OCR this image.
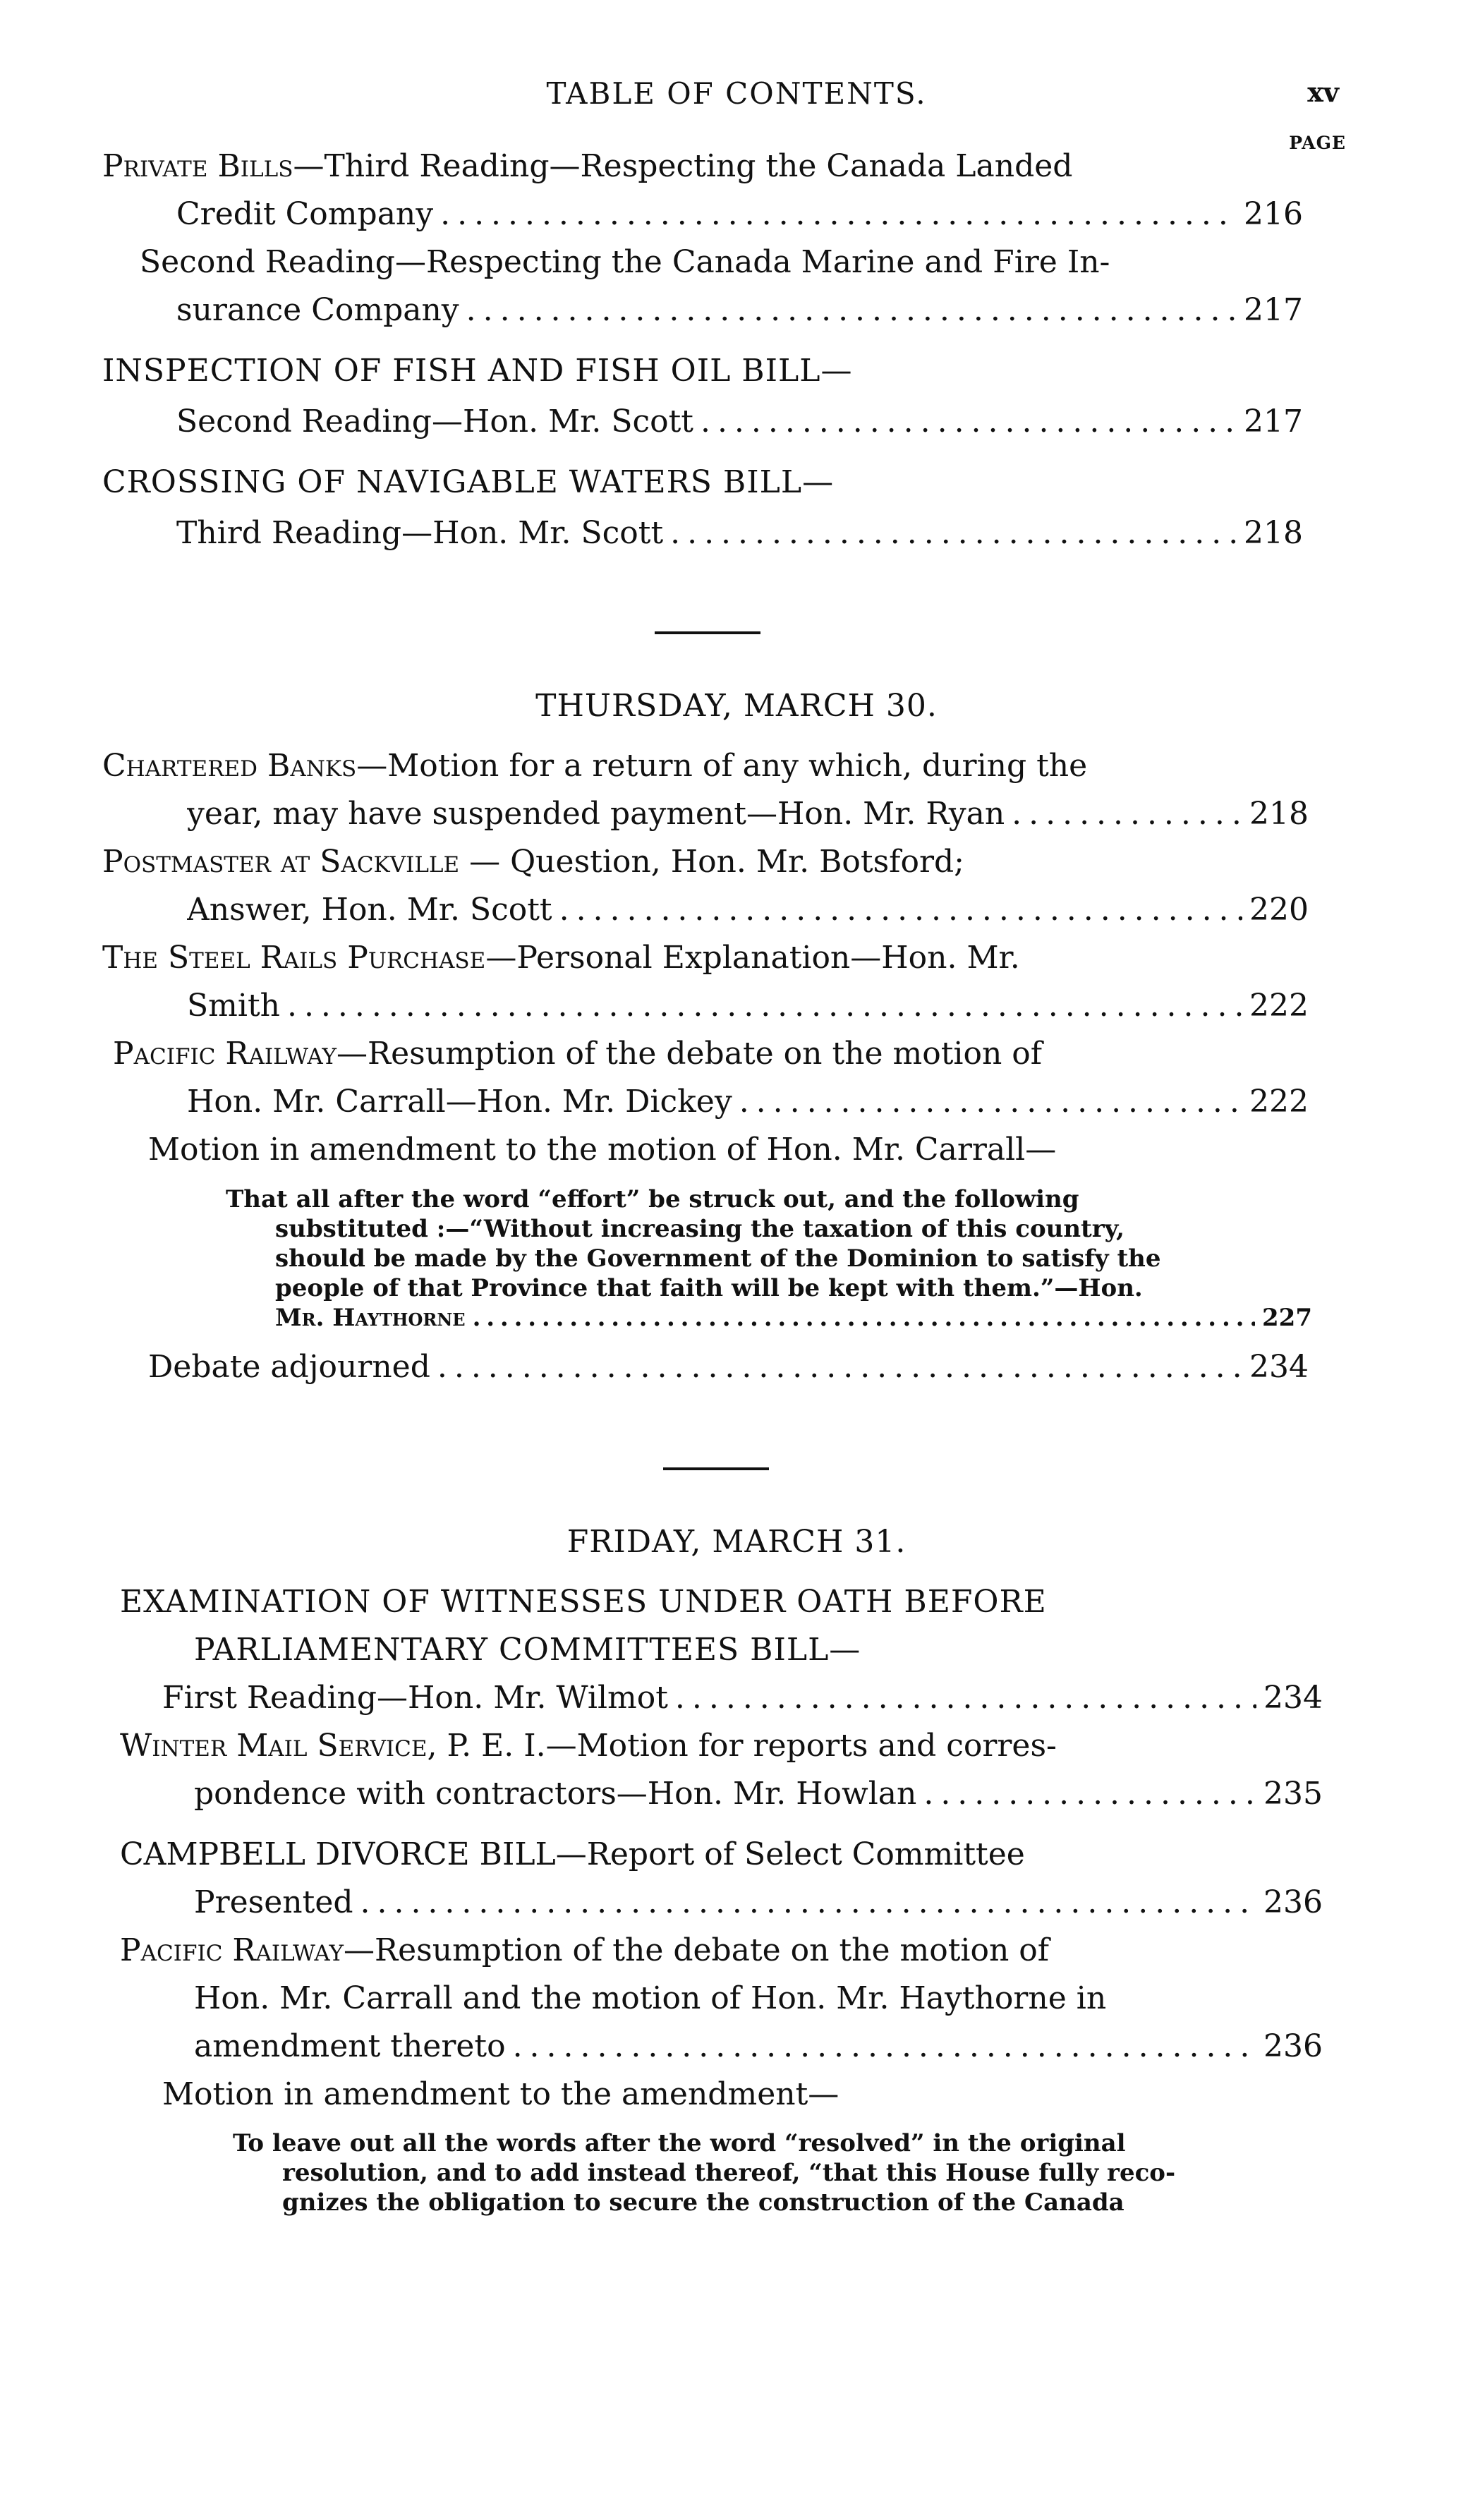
TABLE OF CONTENTS.	xv
PAGE
Private Bills—Third Reading—Respecting the Canada Landed
Credit Company . . .	216
Second Reading—Respecting the Canada Marine and Fire In-
surance Company . . .	217
INSPECTION OF FISH AND FISH OIL BILL—
Second Reading—Hon. Mr. Scott . . .	217
CROSSING OF NAVIGABLE WATERS BILL—
Third Reading—Hon. Mr. Scott . . .	218
THURSDAY, MARCH 30.
Chartered Banks—Motion for a return of any which, during the
year, may have suspended payment—Hon. Mr. Ryan . . .	218
Postmaster at Sackville — Question, Hon. Mr. Botsford;
Answer, Hon. Mr. Scott . . .	220
The Steel Rails Purchase—Personal Explanation—Hon. Mr.
Smith . . .	222
Pacific Railway—Resumption of the debate on the motion of
Hon. Mr. Carrall—Hon. Mr. Dickey . . .	222
Motion in amendment to the motion of Hon. Mr. Carrall—
That all after the word “effort” be struck out, and the following
substituted :—“Without increasing the taxation of this country,
should be made by the Government of the Dominion to satisfy the
people of that Province that faith will be kept with them.”—Hon.
Mr. Haythorne . . .	227
Debate adjourned . . .	234
FRIDAY, MARCH 31.
EXAMINATION OF WITNESSES UNDER OATH BEFORE
PARLIAMENTARY COMMITTEES BILL—
First Reading—Hon. Mr. Wilmot . . .	234
Winter Mail Service, P. E. I.—Motion for reports and corres-
pondence with contractors—Hon. Mr. Howlan . . .	235
CAMPBELL DIVORCE BILL—Report of Select Committee
Presented . . .	236
Pacific Railway—Resumption of the debate on the motion of
Hon. Mr. Carrall and the motion of Hon. Mr. Haythorne in
amendment thereto . . .	236
Motion in amendment to the amendment—
To leave out all the words after the word “resolved” in the original
resolution, and to add instead thereof, “that this House fully reco-
gnizes the obligation to secure the construction of the Canada
